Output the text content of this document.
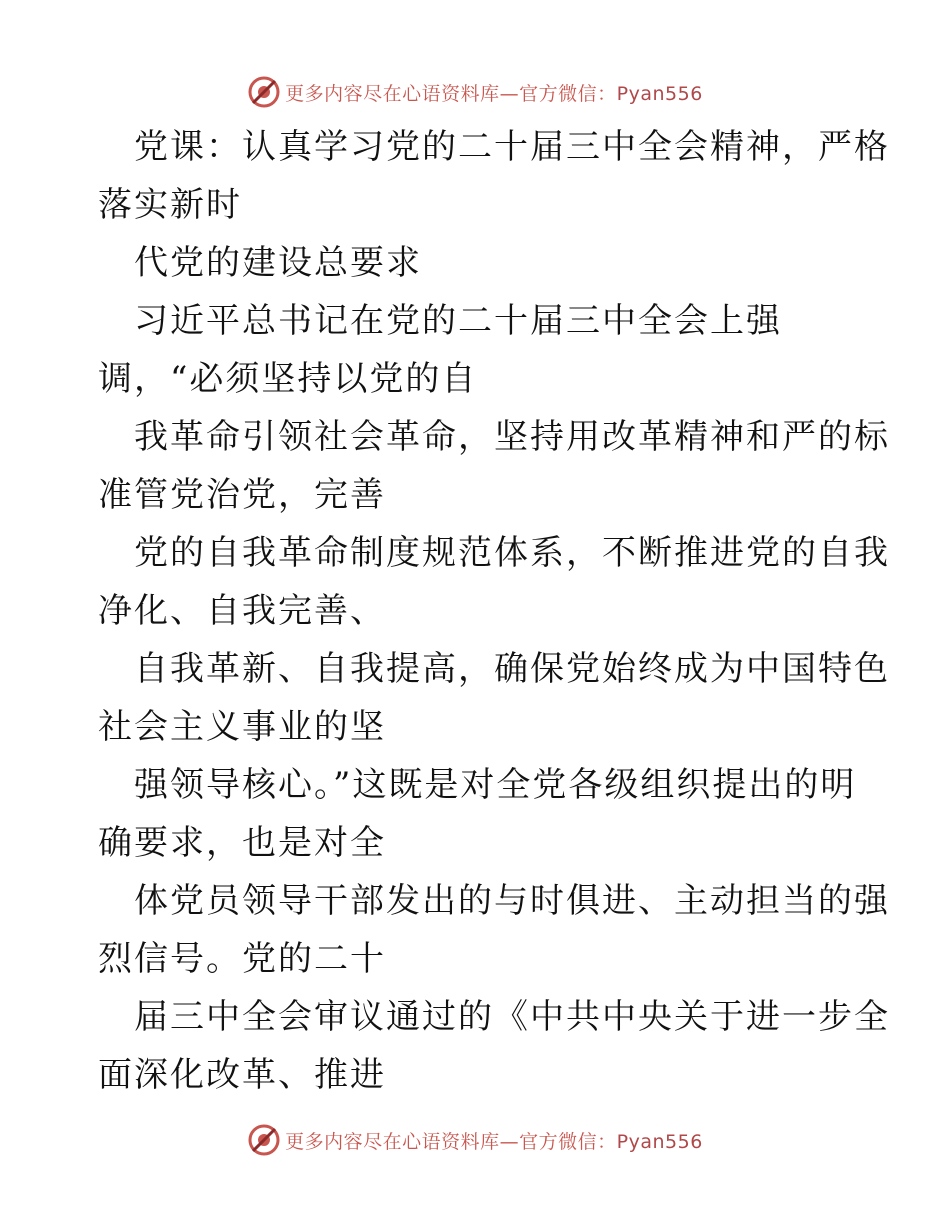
更多内容尽在心语资料库—官方微信：Pyan556
党课：认真学习党的二十届三中全会精神，严格
落实新时
代党的建设总要求
习近平总书记在党的二十届三中全会上强
调，“必须坚持以党的自
我革命引领社会革命，坚持用改革精神和严的标
准管党治党，完善
党的自我革命制度规范体系，不断推进党的自我
净化、自我完善、
自我革新、自我提高，确保党始终成为中国特色
社会主义事业的坚
强领导核心。”这既是对全党各级组织提出的明
确要求，也是对全
体党员领导干部发出的与时俱进、主动担当的强
烈信号。党的二十
届三中全会审议通过的《中共中央关于进一步全
面深化改革、推进
更多内容尽在心语资料库—官方微信：Pyan556
